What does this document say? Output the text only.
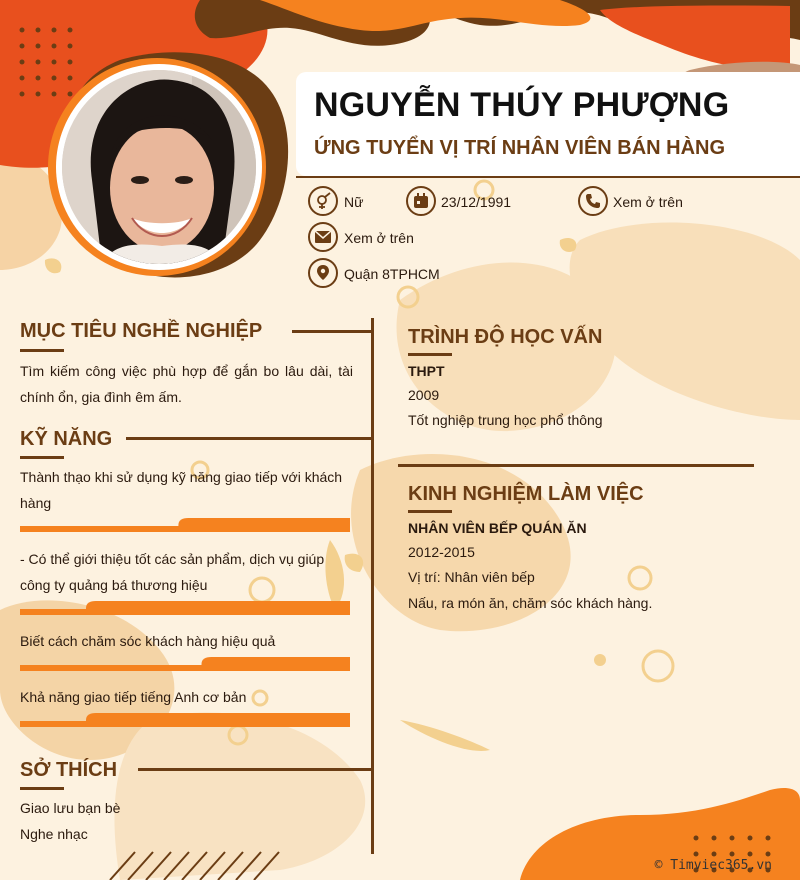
NGUYỄN THÚY PHƯỢNG
ỨNG TUYỂN VỊ TRÍ NHÂN VIÊN BÁN HÀNG
Nữ	23/12/1991	Xem ở trên
Xem ở trên
Quận 8TPHCM
MỤC TIÊU NGHỀ NGHIỆP
Tìm kiếm công việc phù hợp để gắn bo lâu dài, tài chính ổn, gia đình êm ấm.
KỸ NĂNG
Thành thạo khi sử dụng kỹ năng giao tiếp với khách hàng
- Có thể giới thiệu tốt các sản phẩm, dịch vụ giúp công ty quảng bá thương hiệu
Biết cách chăm sóc khách hàng hiệu quả
Khả năng giao tiếp tiếng Anh cơ bản
SỞ THÍCH
Giao lưu bạn bè
Nghe nhạc
TRÌNH ĐỘ HỌC VẤN
THPT
2009
Tốt nghiệp trung học phổ thông
KINH NGHIỆM LÀM VIỆC
NHÂN VIÊN BẾP QUÁN ĂN
2012-2015
Vị trí: Nhân viên bếp
Nấu, ra món ăn, chăm sóc khách hàng.
© Timviec365.vn
